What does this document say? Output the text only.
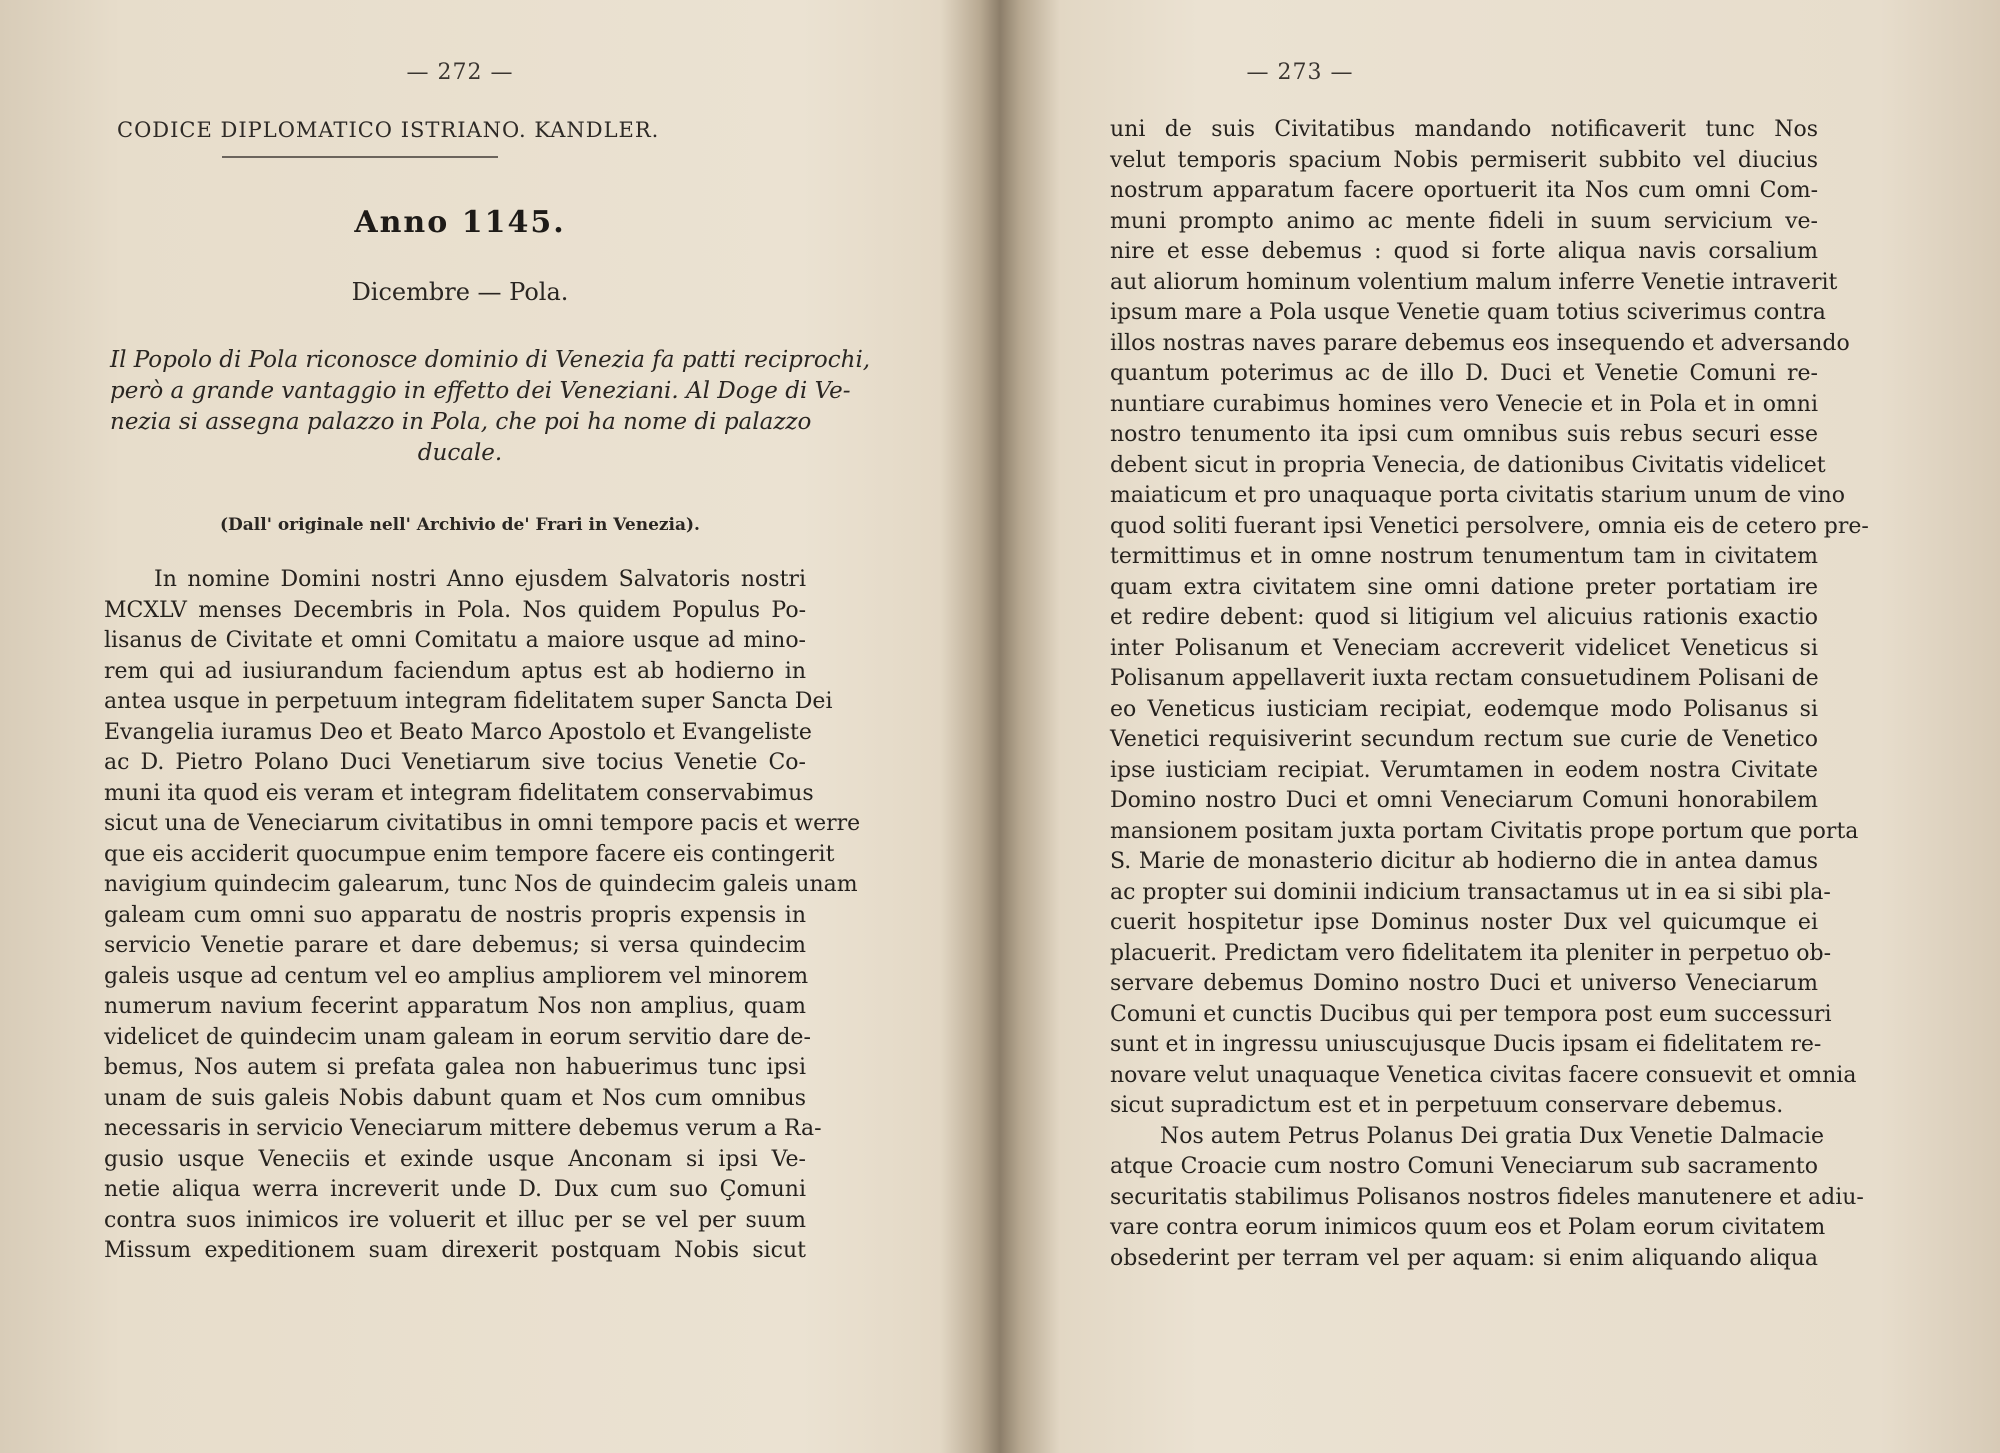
— 272 —
CODICE DIPLOMATICO ISTRIANO. KANDLER.
Anno 1145.
Dicembre — Pola.
Il Popolo di Pola riconosce dominio di Venezia fa patti reciprochi,
però a grande vantaggio in effetto dei Veneziani. Al Doge di Ve-
nezia si assegna palazzo in Pola, che poi ha nome di palazzo
ducale.
(Dall' originale nell' Archivio de' Frari in Venezia).
In nomine Domini nostri Anno ejusdem Salvatoris nostri
MCXLV menses Decembris in Pola. Nos quidem Populus Po-
lisanus de Civitate et omni Comitatu a maiore usque ad mino-
rem qui ad iusiurandum faciendum aptus est ab hodierno in
antea usque in perpetuum integram fidelitatem super Sancta Dei
Evangelia iuramus Deo et Beato Marco Apostolo et Evangeliste
ac D. Pietro Polano Duci Venetiarum sive tocius Venetie Co-
muni ita quod eis veram et integram fidelitatem conservabimus
sicut una de Veneciarum civitatibus in omni tempore pacis et werre
que eis acciderit quocumpue enim tempore facere eis contingerit
navigium quindecim galearum, tunc Nos de quindecim galeis unam
galeam cum omni suo apparatu de nostris propris expensis in
servicio Venetie parare et dare debemus; si versa quindecim
galeis usque ad centum vel eo amplius ampliorem vel minorem
numerum navium fecerint apparatum Nos non amplius, quam
videlicet de quindecim unam galeam in eorum servitio dare de-
bemus, Nos autem si prefata galea non habuerimus tunc ipsi
unam de suis galeis Nobis dabunt quam et Nos cum omnibus
necessaris in servicio Veneciarum mittere debemus verum a Ra-
gusio usque Veneciis et exinde usque Anconam si ipsi Ve-
netie aliqua werra increverit unde D. Dux cum suo Çomuni
contra suos inimicos ire voluerit et illuc per se vel per suum
Missum expeditionem suam direxerit postquam Nobis sicut
— 273 —
uni de suis Civitatibus mandando notificaverit tunc Nos
velut temporis spacium Nobis permiserit subbito vel diucius
nostrum apparatum facere oportuerit ita Nos cum omni Com-
muni prompto animo ac mente fideli in suum servicium ve-
nire et esse debemus : quod si forte aliqua navis corsalium
aut aliorum hominum volentium malum inferre Venetie intraverit
ipsum mare a Pola usque Venetie quam totius sciverimus contra
illos nostras naves parare debemus eos insequendo et adversando
quantum poterimus ac de illo D. Duci et Venetie Comuni re-
nuntiare curabimus homines vero Venecie et in Pola et in omni
nostro tenumento ita ipsi cum omnibus suis rebus securi esse
debent sicut in propria Venecia, de dationibus Civitatis videlicet
maiaticum et pro unaquaque porta civitatis starium unum de vino
quod soliti fuerant ipsi Venetici persolvere, omnia eis de cetero pre-
termittimus et in omne nostrum tenumentum tam in civitatem
quam extra civitatem sine omni datione preter portatiam ire
et redire debent: quod si litigium vel alicuius rationis exactio
inter Polisanum et Veneciam accreverit videlicet Veneticus si
Polisanum appellaverit iuxta rectam consuetudinem Polisani de
eo Veneticus iusticiam recipiat, eodemque modo Polisanus si
Venetici requisiverint secundum rectum sue curie de Venetico
ipse iusticiam recipiat. Verumtamen in eodem nostra Civitate
Domino nostro Duci et omni Veneciarum Comuni honorabilem
mansionem positam juxta portam Civitatis prope portum que porta
S. Marie de monasterio dicitur ab hodierno die in antea damus
ac propter sui dominii indicium transactamus ut in ea si sibi pla-
cuerit hospitetur ipse Dominus noster Dux vel quicumque ei
placuerit. Predictam vero fidelitatem ita pleniter in perpetuo ob-
servare debemus Domino nostro Duci et universo Veneciarum
Comuni et cunctis Ducibus qui per tempora post eum successuri
sunt et in ingressu uniuscujusque Ducis ipsam ei fidelitatem re-
novare velut unaquaque Venetica civitas facere consuevit et omnia
sicut supradictum est et in perpetuum conservare debemus.
Nos autem Petrus Polanus Dei gratia Dux Venetie Dalmacie
atque Croacie cum nostro Comuni Veneciarum sub sacramento
securitatis stabilimus Polisanos nostros fideles manutenere et adiu-
vare contra eorum inimicos quum eos et Polam eorum civitatem
obsederint per terram vel per aquam: si enim aliquando aliqua
